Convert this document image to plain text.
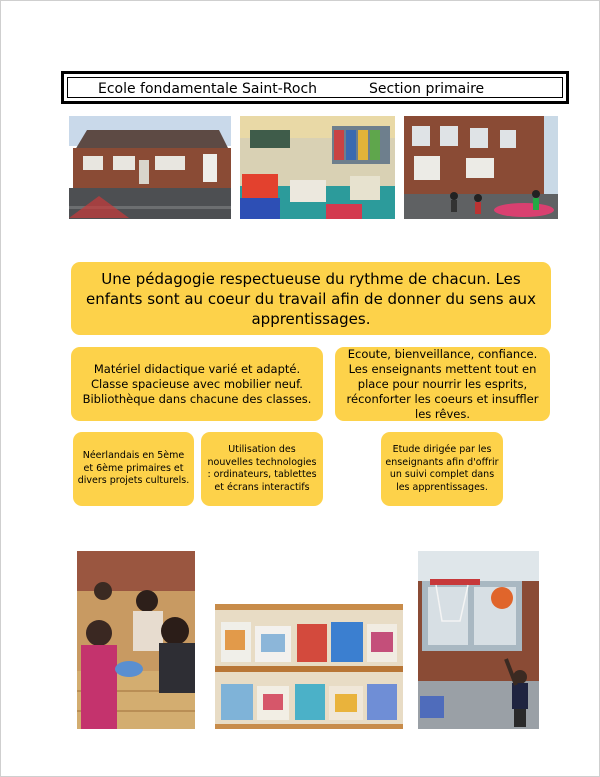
Ecole fondamentale Saint-Roch	Section primaire
Une pédagogie respectueuse du rythme de chacun. Les enfants sont au coeur du travail afin de donner du sens aux apprentissages.
Matériel didactique varié et adapté. Classe spacieuse avec mobilier neuf. Bibliothèque dans chacune des classes.
Ecoute, bienveillance, confiance. Les enseignants mettent tout en place pour nourrir les esprits, réconforter les coeurs et insuffler les rêves.
Néerlandais en 5ème et 6ème primaires et divers projets culturels.
Utilisation des nouvelles technologies : ordinateurs, tablettes et écrans interactifs
Etude dirigée par les enseignants afin d'offrir un suivi complet dans les apprentissages.
